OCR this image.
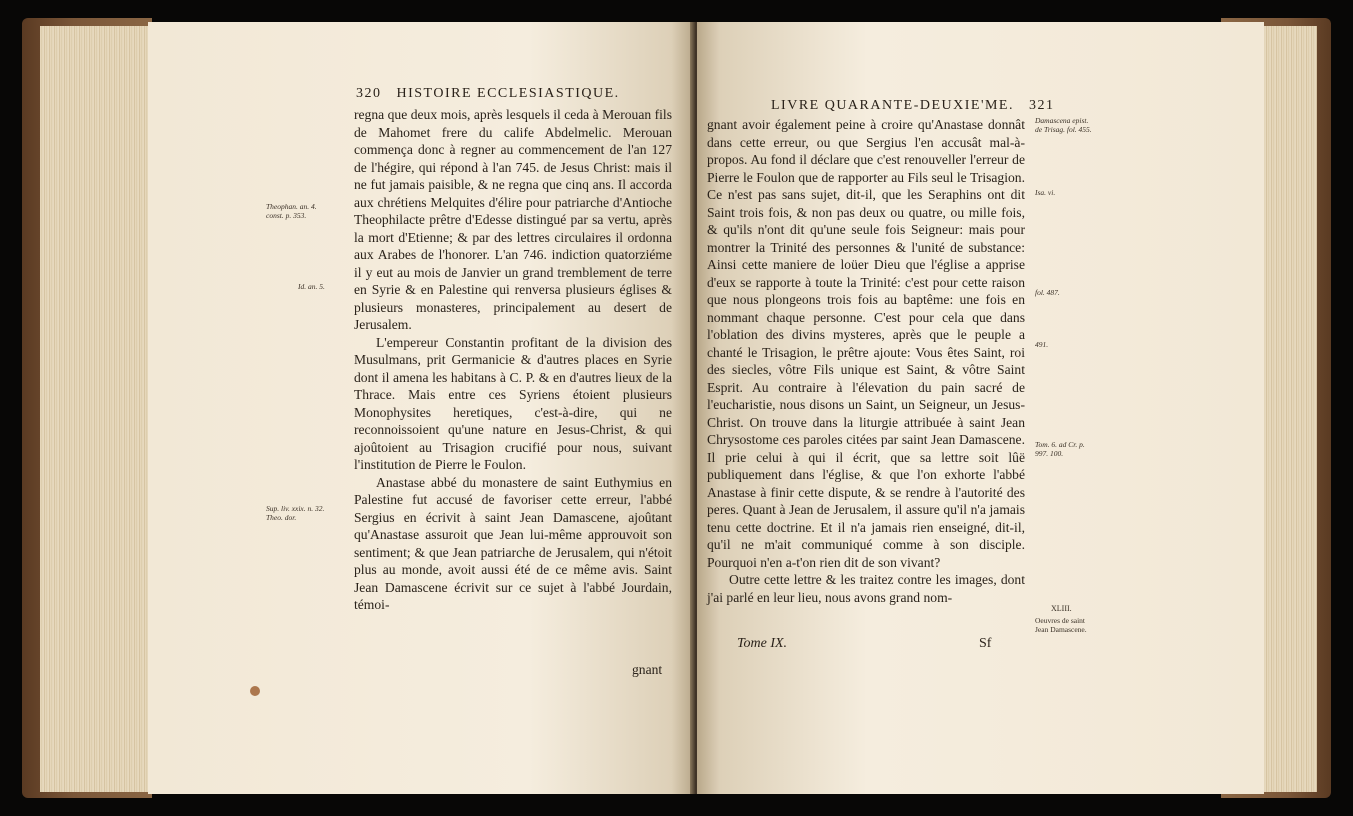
320 HISTOIRE ECCLESIASTIQUE.
Theophan. an. 4. const. p. 353.
Id. an. 5.
Sup. liv. xxix. n. 32. Theo. dor.

regna que deux mois, après lesquels il ceda à Merouan fils de Mahomet frere du calife Abdelmelic. Merouan commença donc à regner au commencement de l'an 127 de l'hégire, qui répond à l'an 745. de Jesus Christ: mais il ne fut jamais paisible, & ne regna que cinq ans. Il accorda aux chrétiens Melquites d'élire pour patriarche d'Antioche Theophilacte prêtre d'Edesse distingué par sa vertu, après la mort d'Etienne; & par des lettres circulaires il ordonna aux Arabes de l'honorer. L'an 746. indiction quatorziéme il y eut au mois de Janvier un grand tremblement de terre en Syrie & en Palestine qui renversa plusieurs églises & plusieurs monasteres, principalement au desert de Jerusalem.

L'empereur Constantin profitant de la division des Musulmans, prit Germanicie & d'autres places en Syrie dont il amena les habitans à C. P. & en d'autres lieux de la Thrace. Mais entre ces Syriens étoient plusieurs Monophysites heretiques, c'est-à-dire, qui ne reconnoissoient qu'une nature en Jesus-Christ, & qui ajoûtoient au Trisagion crucifié pour nous, suivant l'institution de Pierre le Foulon.

Anastase abbé du monastere de saint Euthymius en Palestine fut accusé de favoriser cette erreur, l'abbé Sergius en écrivit à saint Jean Damascene, ajoûtant qu'Anastase assuroit que Jean lui-même approuvoit son sentiment; & que Jean patriarche de Jerusalem, qui n'étoit plus au monde, avoit aussi été de ce même avis. Saint Jean Damascene écrivit sur ce sujet à l'abbé Jourdain, témoi-

gnant
LIVRE QUARANTE-DEUXIE'ME. 321
Damascena epist. de Trisag. fol. 455.
Isa. vi.
fol. 487.
491.
Tom. 6. ad Cr. p. 997. 100.
XLIII.
Oeuvres de saint Jean Damascene.

gnant avoir également peine à croire qu'Anastase donnât dans cette erreur, ou que Sergius l'en accusât mal-à-propos. Au fond il déclare que c'est renouveller l'erreur de Pierre le Foulon que de rapporter au Fils seul le Trisagion. Ce n'est pas sans sujet, dit-il, que les Seraphins ont dit Saint trois fois, & non pas deux ou quatre, ou mille fois, & qu'ils n'ont dit qu'une seule fois Seigneur: mais pour montrer la Trinité des personnes & l'unité de substance: Ainsi cette maniere de loüer Dieu que l'église a apprise d'eux se rapporte à toute la Trinité: c'est pour cette raison que nous plongeons trois fois au baptême: une fois en nommant chaque personne. C'est pour cela que dans l'oblation des divins mysteres, après que le peuple a chanté le Trisagion, le prêtre ajoute: Vous êtes Saint, roi des siecles, vôtre Fils unique est Saint, & vôtre Saint Esprit. Au contraire à l'élevation du pain sacré de l'eucharistie, nous disons un Saint, un Seigneur, un Jesus-Christ. On trouve dans la liturgie attribuée à saint Jean Chrysostome ces paroles citées par saint Jean Damascene. Il prie celui à qui il écrit, que sa lettre soit lûë publiquement dans l'église, & que l'on exhorte l'abbé Anastase à finir cette dispute, & se rendre à l'autorité des peres. Quant à Jean de Jerusalem, il assure qu'il n'a jamais tenu cette doctrine. Et il n'a jamais rien enseigné, dit-il, qu'il ne m'ait communiqué comme à son disciple. Pourquoi n'en a-t'on rien dit de son vivant?

Outre cette lettre & les traitez contre les images, dont j'ai parlé en leur lieu, nous avons grand nom-

Tome IX.	Sf
